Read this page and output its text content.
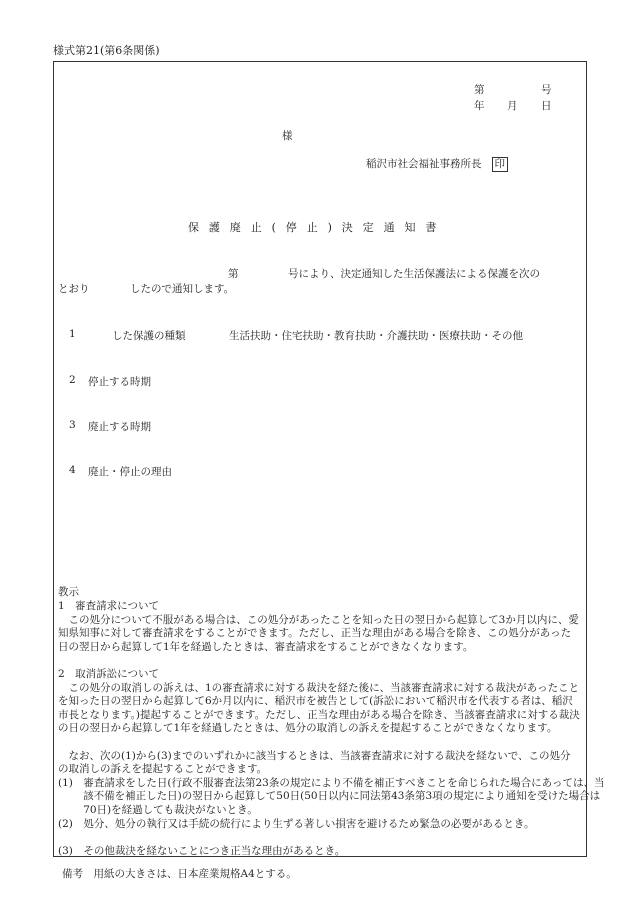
様式第21(第6条関係)
第	号
年 月 日
様
稲沢市社会福祉事務所長 印
保護廃止(停止)決定通知書
第	号により、決定通知した生活保護法による保護を次の
とおり	したので通知します。
1	した保護の種類	生活扶助・住宅扶助・教育扶助・介護扶助・医療扶助・その他
2 停止する時期
3 廃止する時期
4 廃止・停止の理由
教示
1　審査請求について
この処分について不服がある場合は、この処分があったことを知った日の翌日から起算して3か月以内に、愛知県知事に対して審査請求をすることができます。ただし、正当な理由がある場合を除き、この処分があった日の翌日から起算して1年を経過したときは、審査請求をすることができなくなります。
2　取消訴訟について
この処分の取消しの訴えは、1の審査請求に対する裁決を経た後に、当該審査請求に対する裁決があったことを知った日の翌日から起算して6か月以内に、稲沢市を被告として(訴訟において稲沢市を代表する者は、稲沢市長となります。)提起することができます。ただし、正当な理由がある場合を除き、当該審査請求に対する裁決の日の翌日から起算して1年を経過したときは、処分の取消しの訴えを提起することができなくなります。
なお、次の(1)から(3)までのいずれかに該当するときは、当該審査請求に対する裁決を経ないで、この処分の取消しの訴えを提起することができます。
(1)　審査請求をした日(行政不服審査法第23条の規定により不備を補正すべきことを命じられた場合にあっては、当該不備を補正した日)の翌日から起算して50日(50日以内に同法第43条第3項の規定により通知を受けた場合は70日)を経過しても裁決がないとき。
(2)　処分、処分の執行又は手続の続行により生ずる著しい損害を避けるため緊急の必要があるとき。
(3)　その他裁決を経ないことにつき正当な理由があるとき。
備考　用紙の大きさは、日本産業規格A4とする。
